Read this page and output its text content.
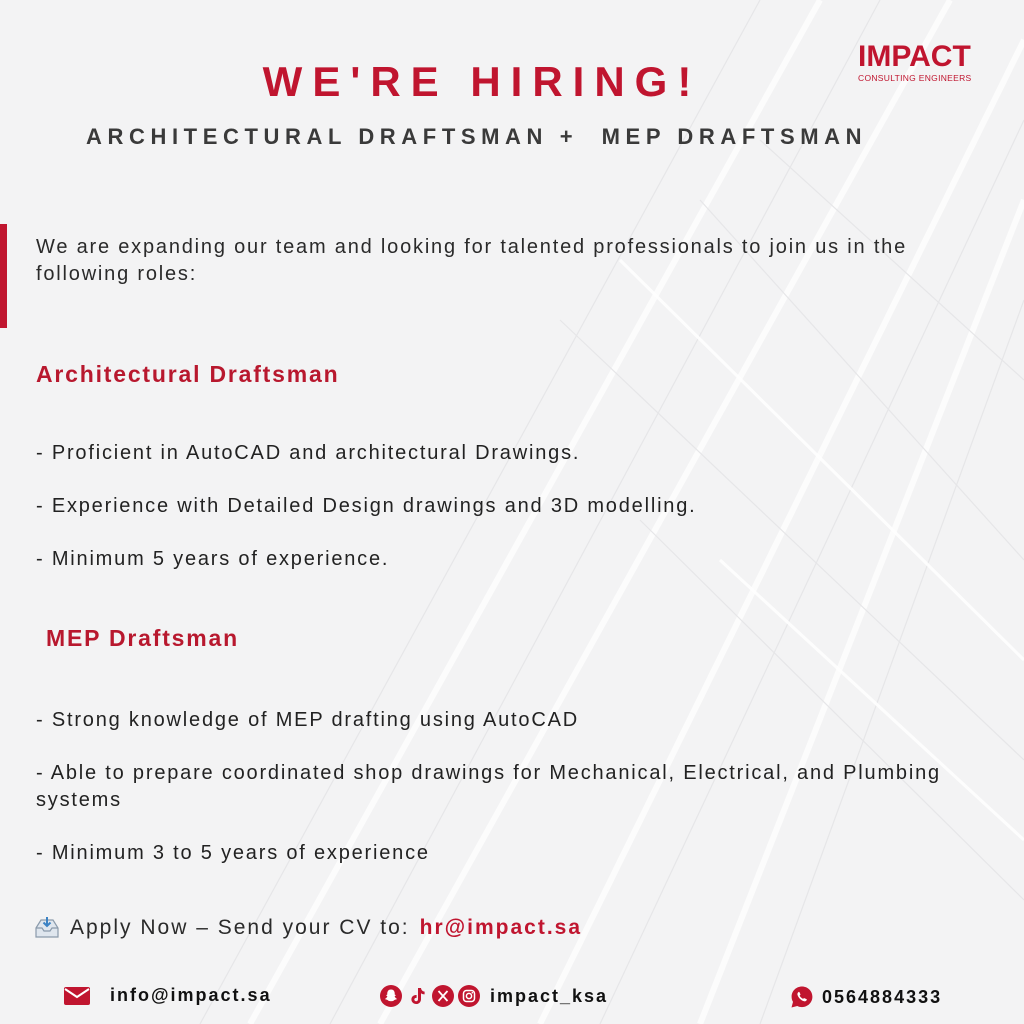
IMPACT
CONSULTING ENGINEERS
WE'RE HIRING!
ARCHITECTURAL DRAFTSMAN +  MEP DRAFTSMAN
We are expanding our team and looking for talented professionals to join us in the following roles:
Architectural Draftsman
- Proficient in AutoCAD and architectural Drawings.
- Experience with Detailed Design drawings and 3D modelling.
- Minimum 5 years of experience.
MEP Draftsman
- Strong knowledge of MEP drafting using AutoCAD
- Able to prepare coordinated shop drawings for Mechanical, Electrical, and Plumbing systems
- Minimum 3 to 5 years of experience
Apply Now – Send your CV to: hr@impact.sa
info@impact.sa	impact_ksa	0564884333
